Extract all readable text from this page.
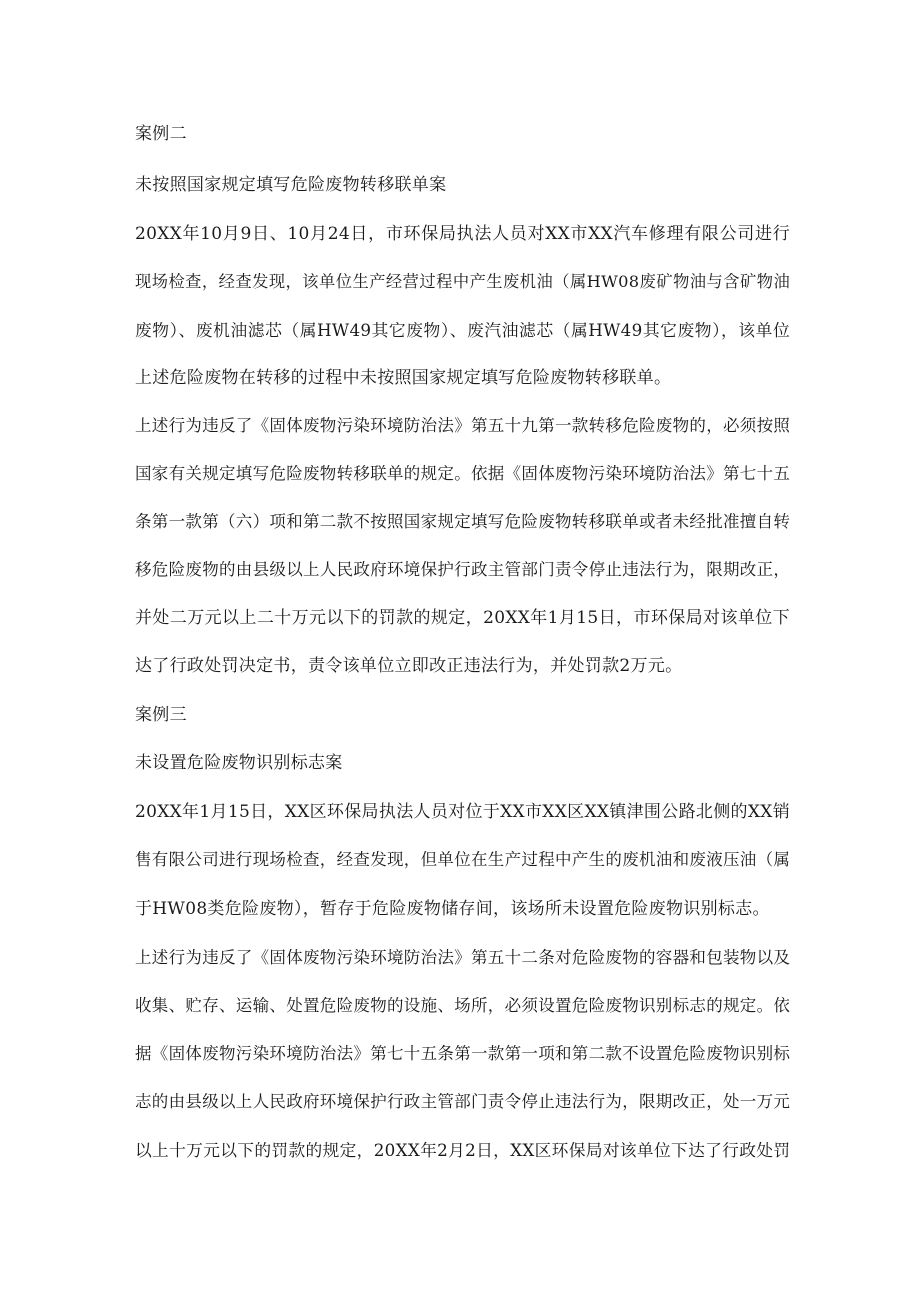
案例二

未按照国家规定填写危险废物转移联单案

20XX年10月9日、10月24日，市环保局执法人员对XX市XX汽车修理有限公司进行

现场检查，经查发现，该单位生产经营过程中产生废机油（属HW08废矿物油与含矿物油

废物）、废机油滤芯（属HW49其它废物）、废汽油滤芯（属HW49其它废物），该单位

上述危险废物在转移的过程中未按照国家规定填写危险废物转移联单。

上述行为违反了《固体废物污染环境防治法》第五十九第一款转移危险废物的，必须按照

国家有关规定填写危险废物转移联单的规定。依据《固体废物污染环境防治法》第七十五

条第一款第（六）项和第二款不按照国家规定填写危险废物转移联单或者未经批准擅自转

移危险废物的由县级以上人民政府环境保护行政主管部门责令停止违法行为，限期改正，

并处二万元以上二十万元以下的罚款的规定，20XX年1月15日，市环保局对该单位下

达了行政处罚决定书，责令该单位立即改正违法行为，并处罚款2万元。

案例三

未设置危险废物识别标志案

20XX年1月15日，XX区环保局执法人员对位于XX市XX区XX镇津围公路北侧的XX销

售有限公司进行现场检查，经查发现，但单位在生产过程中产生的废机油和废液压油（属

于HW08类危险废物），暂存于危险废物储存间，该场所未设置危险废物识别标志。

上述行为违反了《固体废物污染环境防治法》第五十二条对危险废物的容器和包装物以及

收集、贮存、运输、处置危险废物的设施、场所，必须设置危险废物识别标志的规定。依

据《固体废物污染环境防治法》第七十五条第一款第一项和第二款不设置危险废物识别标

志的由县级以上人民政府环境保护行政主管部门责令停止违法行为，限期改正，处一万元

以上十万元以下的罚款的规定，20XX年2月2日，XX区环保局对该单位下达了行政处罚
